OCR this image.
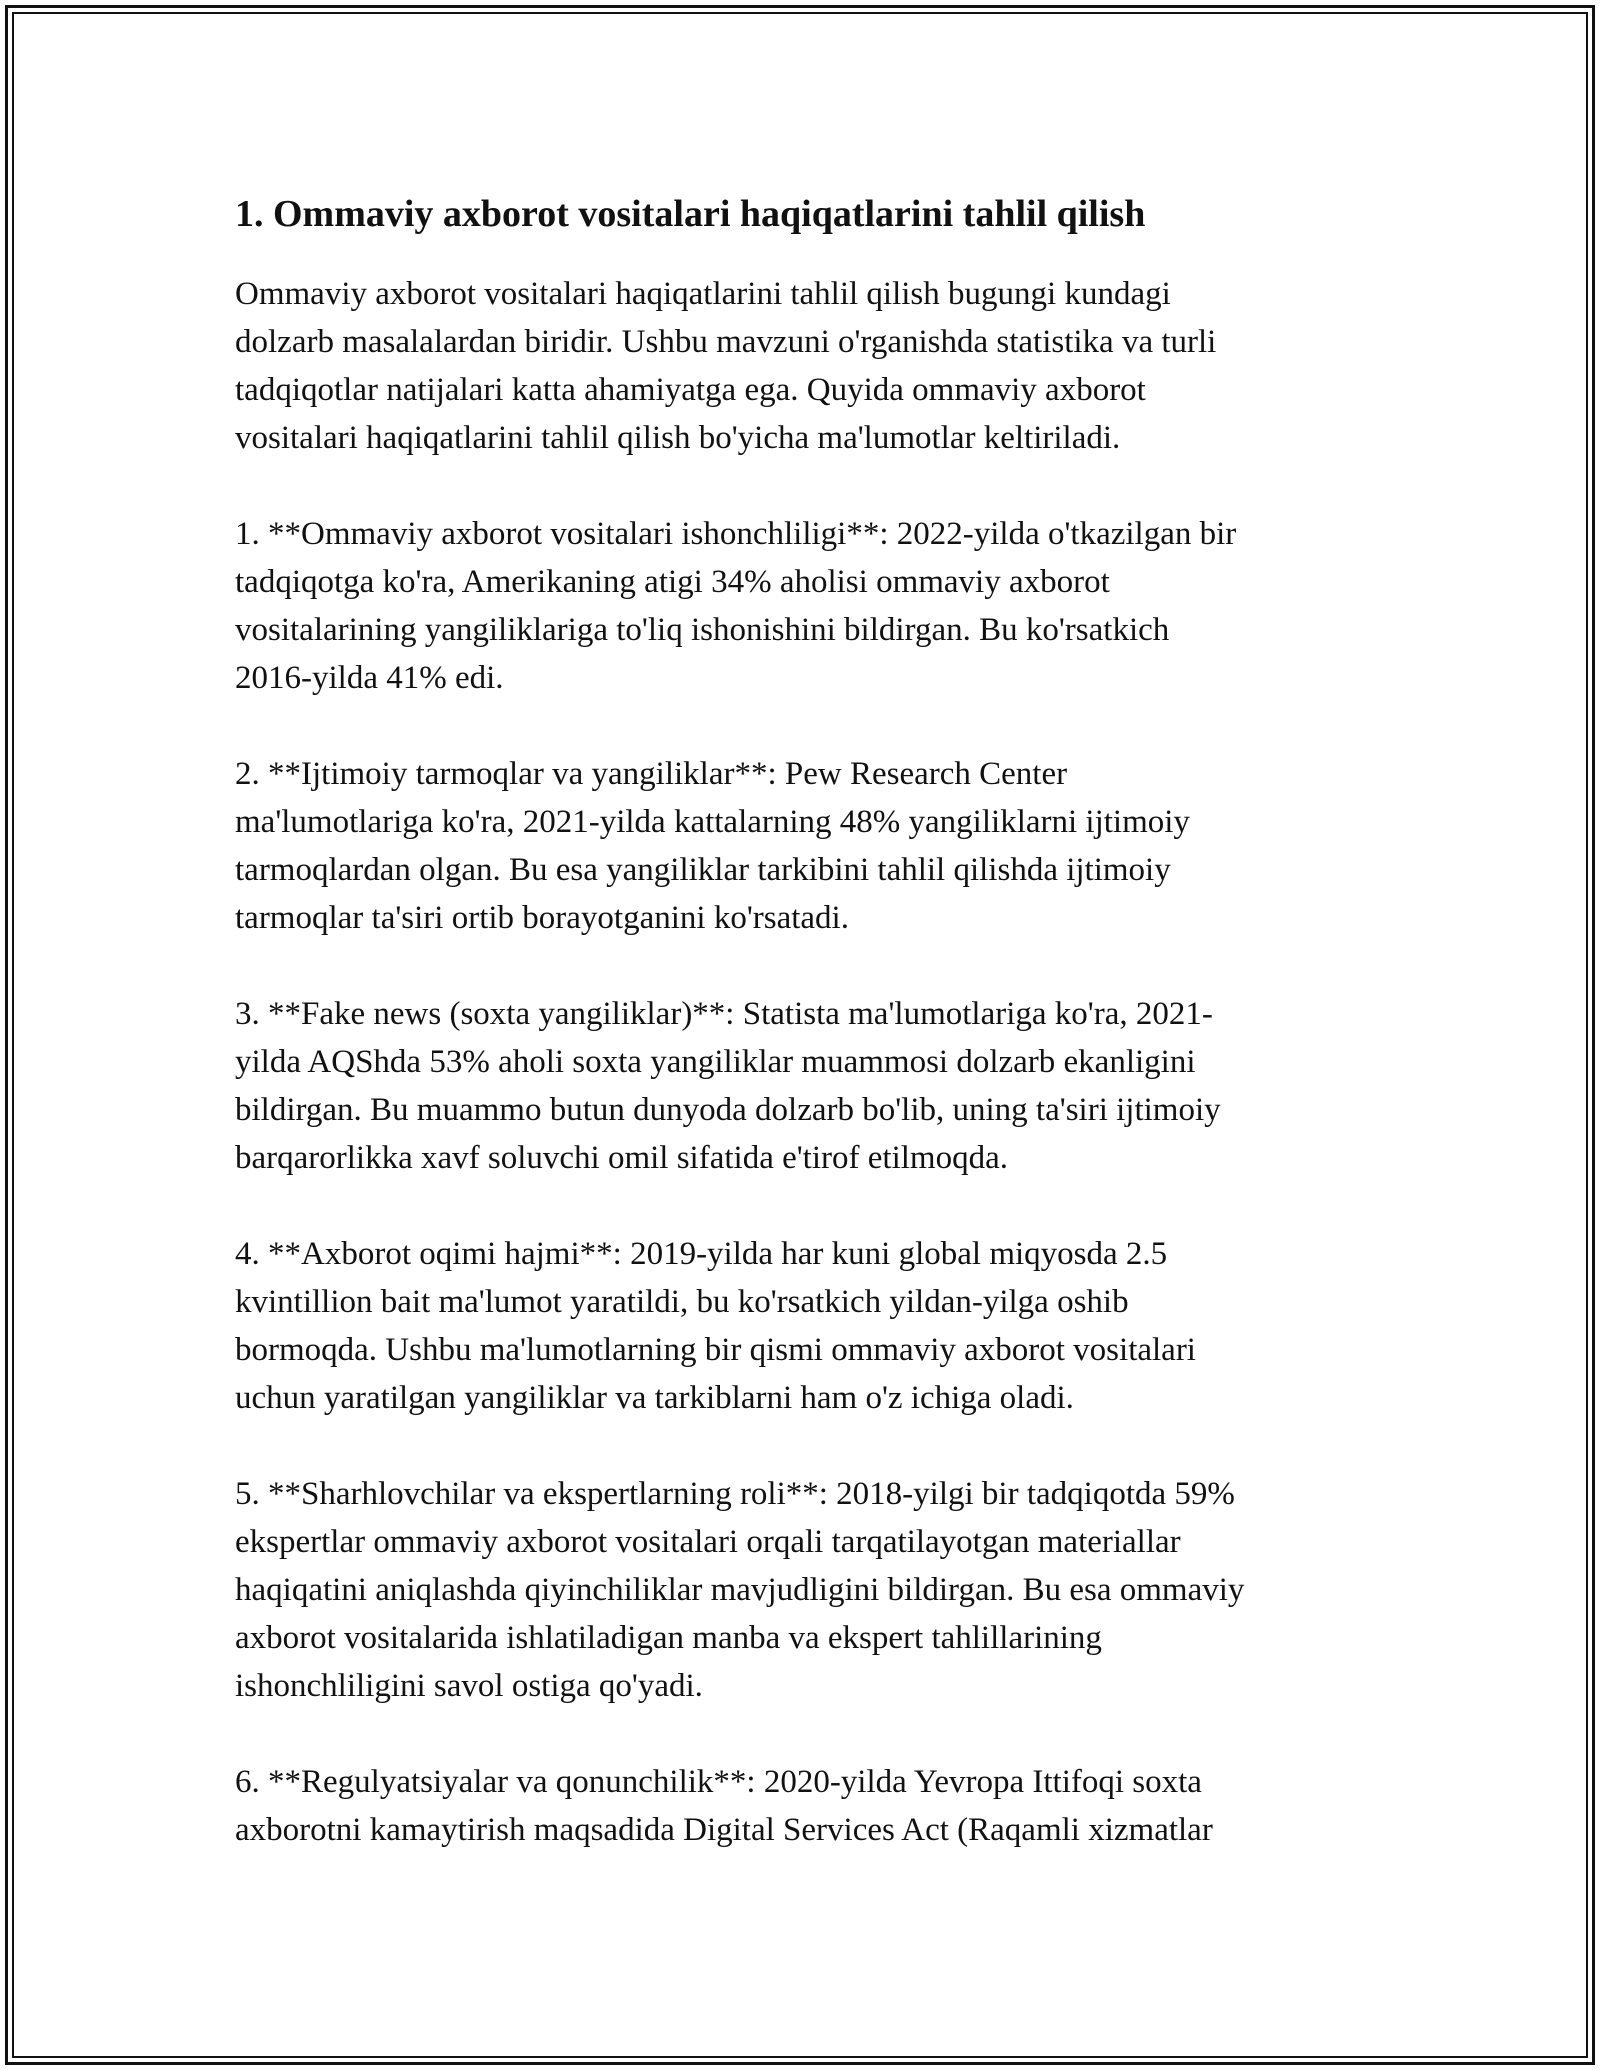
1. Ommaviy axborot vositalari haqiqatlarini tahlil qilish

Ommaviy axborot vositalari haqiqatlarini tahlil qilish bugungi kundagi
dolzarb masalalardan biridir. Ushbu mavzuni o'rganishda statistika va turli
tadqiqotlar natijalari katta ahamiyatga ega. Quyida ommaviy axborot
vositalari haqiqatlarini tahlil qilish bo'yicha ma'lumotlar keltiriladi.

1. **Ommaviy axborot vositalari ishonchliligi**: 2022-yilda o'tkazilgan bir
tadqiqotga ko'ra, Amerikaning atigi 34% aholisi ommaviy axborot
vositalarining yangiliklariga to'liq ishonishini bildirgan. Bu ko'rsatkich
2016-yilda 41% edi.

2. **Ijtimoiy tarmoqlar va yangiliklar**: Pew Research Center
ma'lumotlariga ko'ra, 2021-yilda kattalarning 48% yangiliklarni ijtimoiy
tarmoqlardan olgan. Bu esa yangiliklar tarkibini tahlil qilishda ijtimoiy
tarmoqlar ta'siri ortib borayotganini ko'rsatadi.

3. **Fake news (soxta yangiliklar)**: Statista ma'lumotlariga ko'ra, 2021-
yilda AQShda 53% aholi soxta yangiliklar muammosi dolzarb ekanligini
bildirgan. Bu muammo butun dunyoda dolzarb bo'lib, uning ta'siri ijtimoiy
barqarorlikka xavf soluvchi omil sifatida e'tirof etilmoqda.

4. **Axborot oqimi hajmi**: 2019-yilda har kuni global miqyosda 2.5
kvintillion bait ma'lumot yaratildi, bu ko'rsatkich yildan-yilga oshib
bormoqda. Ushbu ma'lumotlarning bir qismi ommaviy axborot vositalari
uchun yaratilgan yangiliklar va tarkiblarni ham o'z ichiga oladi.

5. **Sharhlovchilar va ekspertlarning roli**: 2018-yilgi bir tadqiqotda 59%
ekspertlar ommaviy axborot vositalari orqali tarqatilayotgan materiallar
haqiqatini aniqlashda qiyinchiliklar mavjudligini bildirgan. Bu esa ommaviy
axborot vositalarida ishlatiladigan manba va ekspert tahlillarining
ishonchliligini savol ostiga qo'yadi.

6. **Regulyatsiyalar va qonunchilik**: 2020-yilda Yevropa Ittifoqi soxta
axborotni kamaytirish maqsadida Digital Services Act (Raqamli xizmatlar
